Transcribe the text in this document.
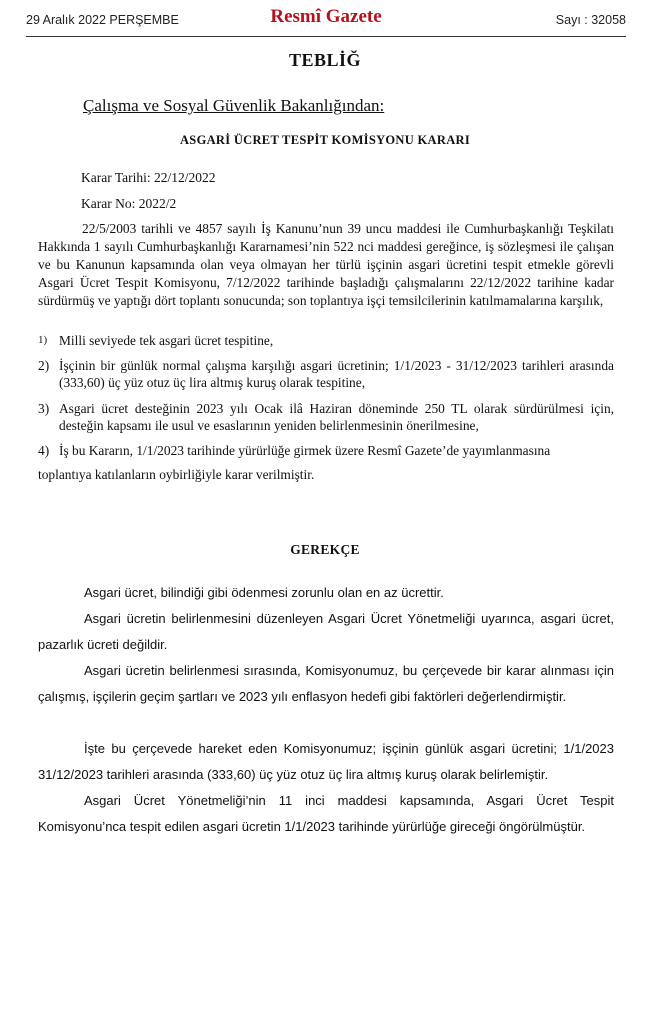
29 Aralık 2022 PERŞEMBE	Resmî Gazete	Sayı : 32058
TEBLİĞ
Çalışma ve Sosyal Güvenlik Bakanlığından:
ASGARİ ÜCRET TESPİT KOMİSYONU KARARI
Karar Tarihi: 22/12/2022
Karar No: 2022/2
22/5/2003 tarihli ve 4857 sayılı İş Kanunu’nun 39 uncu maddesi ile Cumhurbaşkanlığı Teşkilatı Hakkında 1 sayılı Cumhurbaşkanlığı Kararnamesi’nin 522 nci maddesi gereğince, iş sözleşmesi ile çalışan ve bu Kanunun kapsamında olan veya olmayan her türlü işçinin asgari ücretini tespit etmekle görevli Asgari Ücret Tespit Komisyonu, 7/12/2022 tarihinde başladığı çalışmalarını 22/12/2022 tarihine kadar sürdürmüş ve yaptığı dört toplantı sonucunda; son toplantıya işçi temsilcilerinin katılmamalarına karşılık,
1) Milli seviyede tek asgari ücret tespitine,
2) İşçinin bir günlük normal çalışma karşılığı asgari ücretinin; 1/1/2023 - 31/12/2023 tarihleri arasında (333,60) üç yüz otuz üç lira altmış kuruş olarak tespitine,
3) Asgari ücret desteğinin 2023 yılı Ocak ilâ Haziran döneminde 250 TL olarak sürdürülmesi için, desteğin kapsamı ile usul ve esaslarının yeniden belirlenmesinin önerilmesine,
4) İş bu Kararın, 1/1/2023 tarihinde yürürlüğe girmek üzere Resmî Gazete’de yayımlanmasına
toplantıya katılanların oybirliğiyle karar verilmiştir.
GEREKÇE
Asgari ücret, bilindiği gibi ödenmesi zorunlu olan en az ücrettir.
Asgari ücretin belirlenmesini düzenleyen Asgari Ücret Yönetmeliği uyarınca, asgari ücret, pazarlık ücreti değildir.
Asgari ücretin belirlenmesi sırasında, Komisyonumuz, bu çerçevede bir karar alınması için çalışmış, işçilerin geçim şartları ve 2023 yılı enflasyon hedefi gibi faktörleri değerlendirmiştir.
İşte bu çerçevede hareket eden Komisyonumuz; işçinin günlük asgari ücretini; 1/1/2023 31/12/2023 tarihleri arasında (333,60) üç yüz otuz üç lira altmış kuruş olarak belirlemiştir.
Asgari Ücret Yönetmeliği’nin 11 inci maddesi kapsamında, Asgari Ücret Tespit Komisyonu’nca tespit edilen asgari ücretin 1/1/2023 tarihinde yürürlüğe gireceği öngörülmüştür.
